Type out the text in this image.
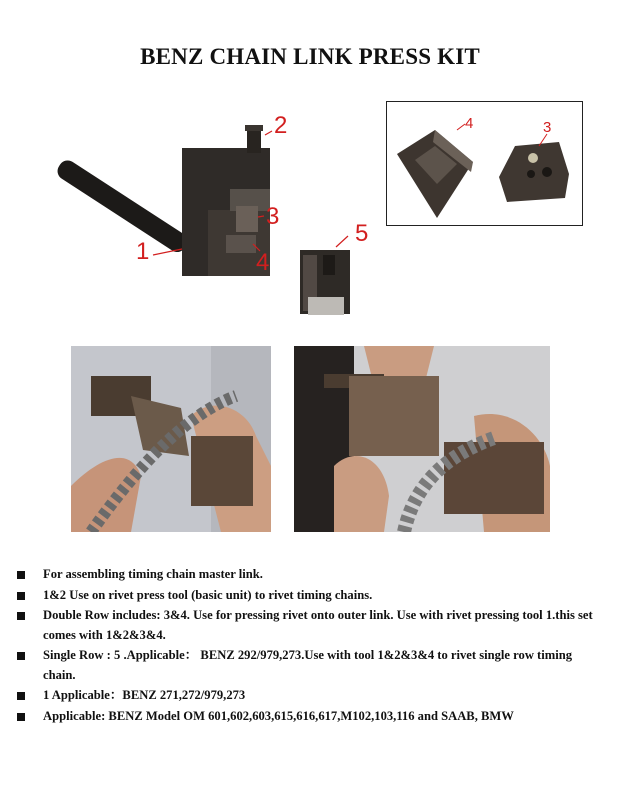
BENZ CHAIN LINK PRESS KIT
1
2
3
4
5
4	3
For assembling timing chain master link.
1&2 Use on rivet press tool (basic unit) to rivet timing chains.
Double Row includes: 3&4. Use for pressing rivet onto outer link. Use with rivet pressing tool 1.this set comes with 1&2&3&4.
Single Row : 5 .Applicable： BENZ 292/979,273.Use with tool 1&2&3&4 to rivet single row timing chain.
1 Applicable：BENZ 271,272/979,273
Applicable: BENZ Model OM 601,602,603,615,616,617,M102,103,116 and SAAB, BMW
